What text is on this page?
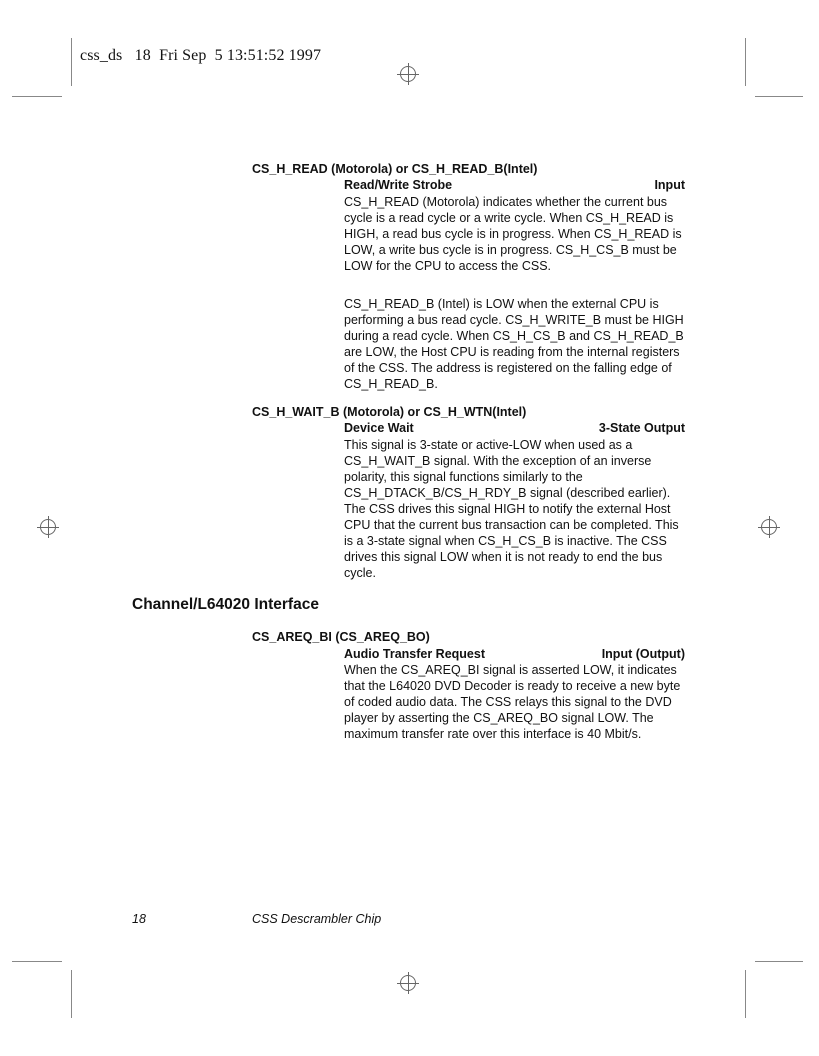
css_ds   18  Fri Sep  5 13:51:52 1997
CS_H_READ (Motorola) or CS_H_READ_B(Intel)
Read/Write Strobe	Input

CS_H_READ (Motorola) indicates whether the current bus cycle is a read cycle or a write cycle. When CS_H_READ is HIGH, a read bus cycle is in progress. When CS_H_READ is LOW, a write bus cycle is in progress. CS_H_CS_B must be LOW for the CPU to access the CSS.

CS_H_READ_B (Intel) is LOW when the external CPU is performing a bus read cycle. CS_H_WRITE_B must be HIGH during a read cycle. When CS_H_CS_B and CS_H_READ_B are LOW, the Host CPU is reading from the internal registers of the CSS. The address is registered on the falling edge of CS_H_READ_B.

CS_H_WAIT_B (Motorola) or CS_H_WTN(Intel)
Device Wait	3-State Output

This signal is 3-state or active-LOW when used as a CS_H_WAIT_B signal. With the exception of an inverse polarity, this signal functions similarly to the CS_H_DTACK_B/CS_H_RDY_B signal (described earlier). The CSS drives this signal HIGH to notify the external Host CPU that the current bus transaction can be completed. This is a 3-state signal when CS_H_CS_B is inactive. The CSS drives this signal LOW when it is not ready to end the bus cycle.

Channel/L64020 Interface
CS_AREQ_BI (CS_AREQ_BO)
Audio Transfer Request	Input (Output)

When the CS_AREQ_BI signal is asserted LOW, it indicates that the L64020 DVD Decoder is ready to receive a new byte of coded audio data. The CSS relays this signal to the DVD player by asserting the CS_AREQ_BO signal LOW. The maximum transfer rate over this interface is 40 Mbit/s.

18	CSS Descrambler Chip
